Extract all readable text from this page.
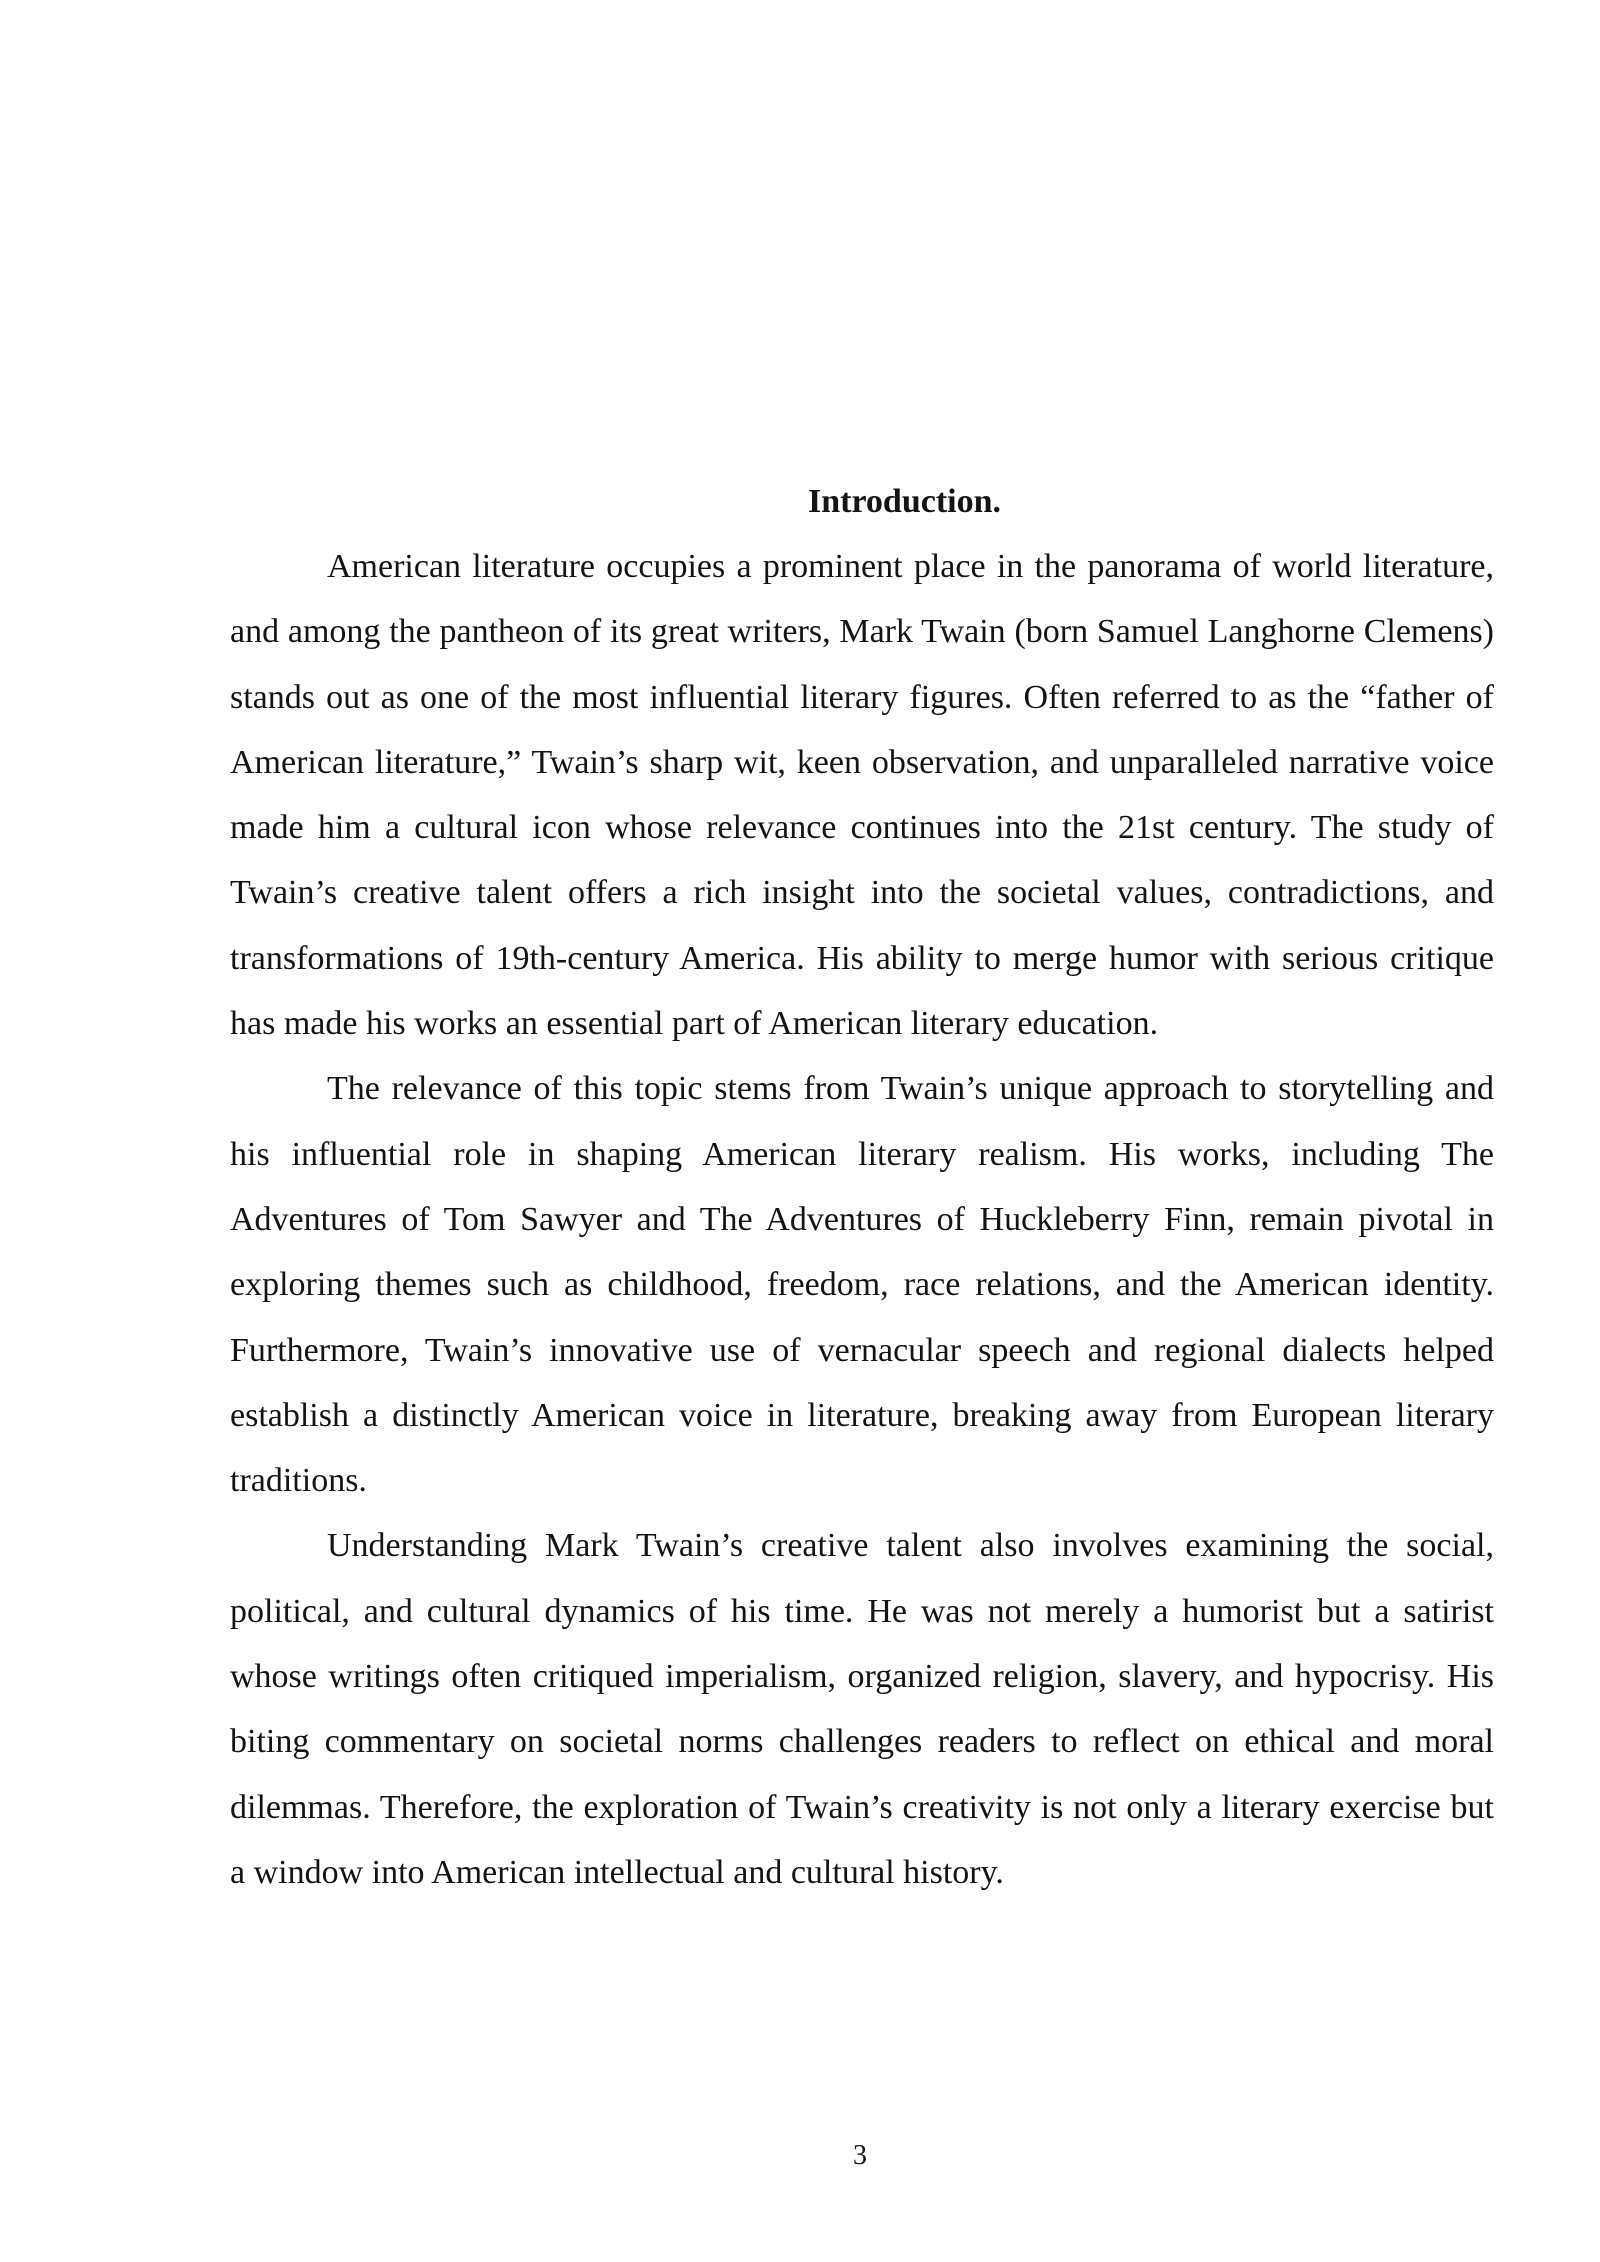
Introduction.

American literature occupies a prominent place in the panorama of world literature, and among the pantheon of its great writers, Mark Twain (born Samuel Langhorne Clemens) stands out as one of the most influential literary figures. Often referred to as the “father of American literature,” Twain’s sharp wit, keen observation, and unparalleled narrative voice made him a cultural icon whose relevance continues into the 21st century. The study of Twain’s creative talent offers a rich insight into the societal values, contradictions, and transformations of 19th-century America. His ability to merge humor with serious critique has made his works an essential part of American literary education.

The relevance of this topic stems from Twain’s unique approach to storytelling and his influential role in shaping American literary realism. His works, including The Adventures of Tom Sawyer and The Adventures of Huckleberry Finn, remain pivotal in exploring themes such as childhood, freedom, race relations, and the American identity. Furthermore, Twain’s innovative use of vernacular speech and regional dialects helped establish a distinctly American voice in literature, breaking away from European literary traditions.

Understanding Mark Twain’s creative talent also involves examining the social, political, and cultural dynamics of his time. He was not merely a humorist but a satirist whose writings often critiqued imperialism, organized religion, slavery, and hypocrisy. His biting commentary on societal norms challenges readers to reflect on ethical and moral dilemmas. Therefore, the exploration of Twain’s creativity is not only a literary exercise but a window into American intellectual and cultural history.

3
